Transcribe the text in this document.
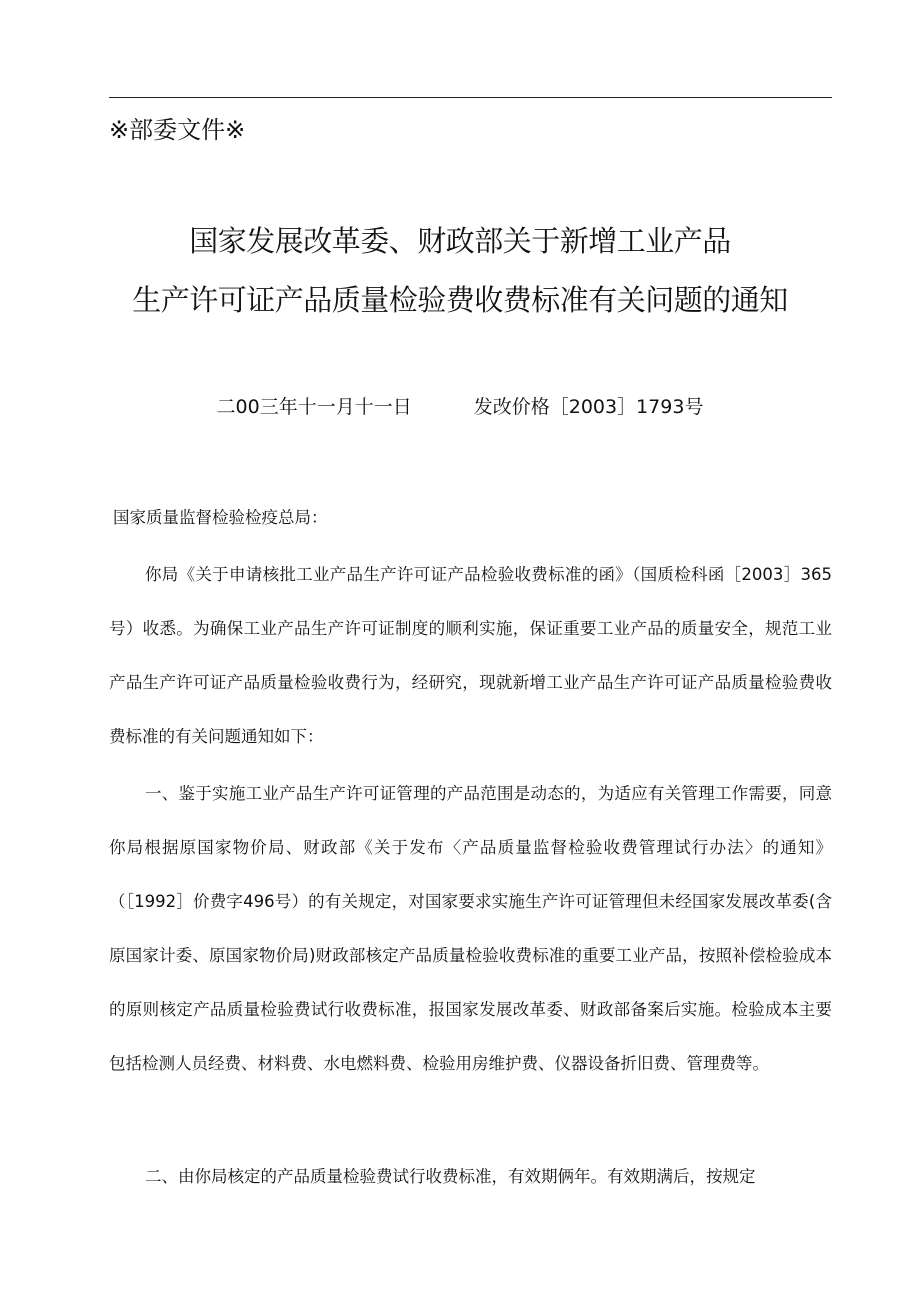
※部委文件※
国家发展改革委、财政部关于新增工业产品
生产许可证产品质量检验费收费标准有关问题的通知
二00三年十一月十一日	发改价格［2003］1793号
国家质量监督检验检疫总局：
你局《关于申请核批工业产品生产许可证产品检验收费标准的函》（国质检科函［2003］365号）收悉。为确保工业产品生产许可证制度的顺利实施，保证重要工业产品的质量安全，规范工业产品生产许可证产品质量检验收费行为，经研究，现就新增工业产品生产许可证产品质量检验费收费标准的有关问题通知如下：
一、鉴于实施工业产品生产许可证管理的产品范围是动态的，为适应有关管理工作需要，同意你局根据原国家物价局、财政部《关于发布〈产品质量监督检验收费管理试行办法〉的通知》（［1992］价费字496号）的有关规定，对国家要求实施生产许可证管理但未经国家发展改革委(含原国家计委、原国家物价局)财政部核定产品质量检验收费标准的重要工业产品，按照补偿检验成本的原则核定产品质量检验费试行收费标准，报国家发展改革委、财政部备案后实施。检验成本主要包括检测人员经费、材料费、水电燃料费、检验用房维护费、仪器设备折旧费、管理费等。
二、由你局核定的产品质量检验费试行收费标准，有效期俩年。有效期满后，按规定
